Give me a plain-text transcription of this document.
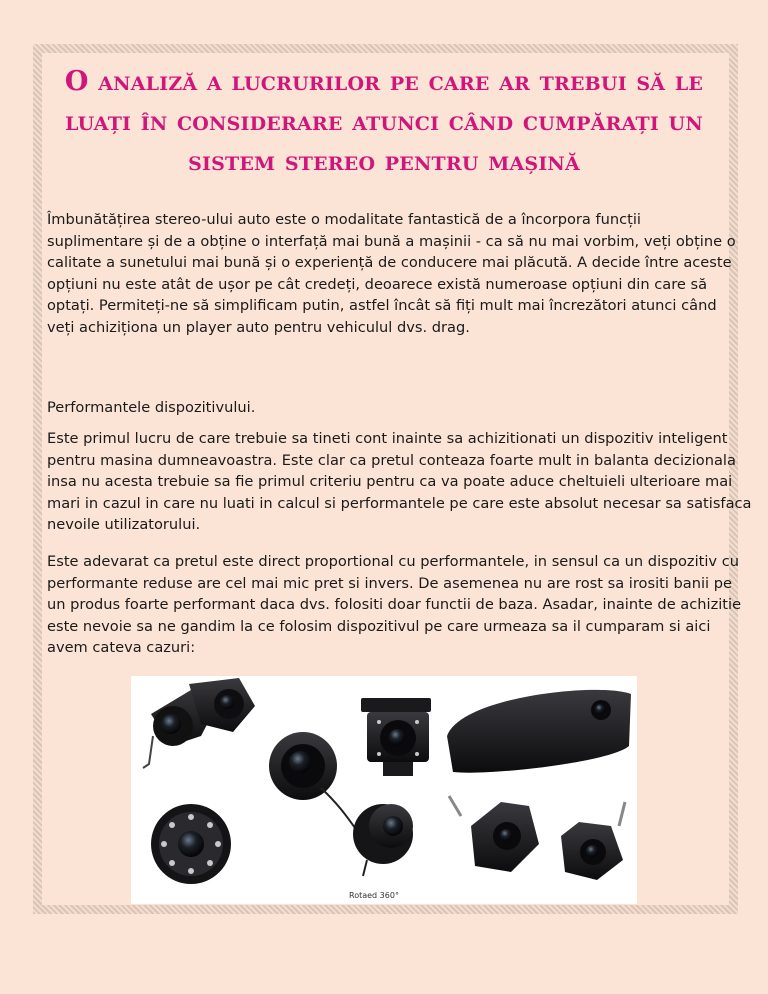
O analiză a lucrurilor pe care ar trebui să le
luați în considerare atunci când cumpărați un
sistem stereo pentru mașină

Îmbunătățirea stereo-ului auto este o modalitate fantastică de a încorpora funcții
suplimentare și de a obține o interfață mai bună a mașinii - ca să nu mai vorbim, veți obține o
calitate a sunetului mai bună și o experiență de conducere mai plăcută. A decide între aceste
opțiuni nu este atât de ușor pe cât credeți, deoarece există numeroase opțiuni din care să
optați. Permiteți-ne să simplificam putin, astfel încât să fiți mult mai încrezători atunci când
veți achiziționa un player auto pentru vehiculul dvs. drag.

Performantele dispozitivului.

Este primul lucru de care trebuie sa tineti cont inainte sa achizitionati un dispozitiv inteligent
pentru masina dumneavoastra. Este clar ca pretul conteaza foarte mult in balanta decizionala
insa nu acesta trebuie sa fie primul criteriu pentru ca va poate aduce cheltuieli ulterioare mai
mari in cazul in care nu luati in calcul si performantele pe care este absolut necesar sa satisfaca
nevoile utilizatorului.

Este adevarat ca pretul este direct proportional cu performantele, in sensul ca un dispozitiv cu
performante reduse are cel mai mic pret si invers. De asemenea nu are rost sa irositi banii pe
un produs foarte performant daca dvs. folositi doar functii de baza. Asadar, inainte de achizitie
este nevoie sa ne gandim la ce folosim dispozitivul pe care urmeaza sa il cumparam si aici
avem cateva cazuri:

Rotaed 360°
